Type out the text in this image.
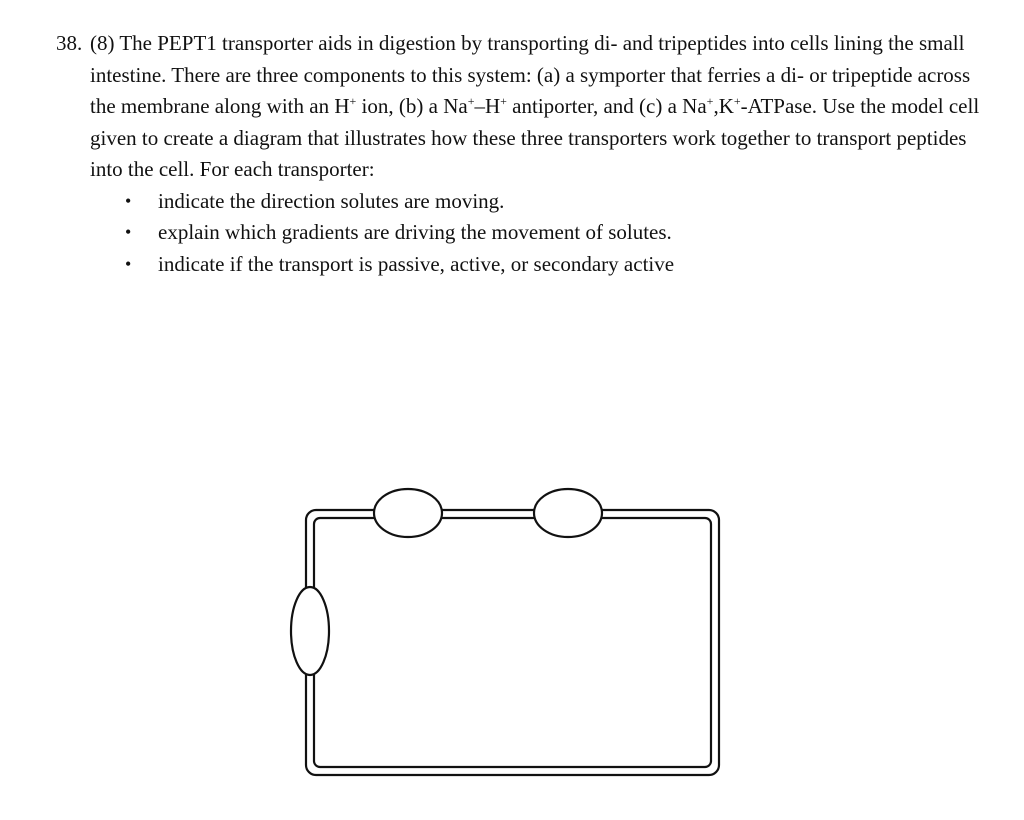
38. (8) The PEPT1 transporter aids in digestion by transporting di- and tripeptides into cells lining the small intestine. There are three components to this system: (a) a symporter that ferries a di- or tripeptide across the membrane along with an H+ ion, (b) a Na+–H+ antiporter, and (c) a Na+,K+-ATPase. Use the model cell given to create a diagram that illustrates how these three transporters work together to transport peptides into the cell. For each transporter:
• indicate the direction solutes are moving.
• explain which gradients are driving the movement of solutes.
• indicate if the transport is passive, active, or secondary active
